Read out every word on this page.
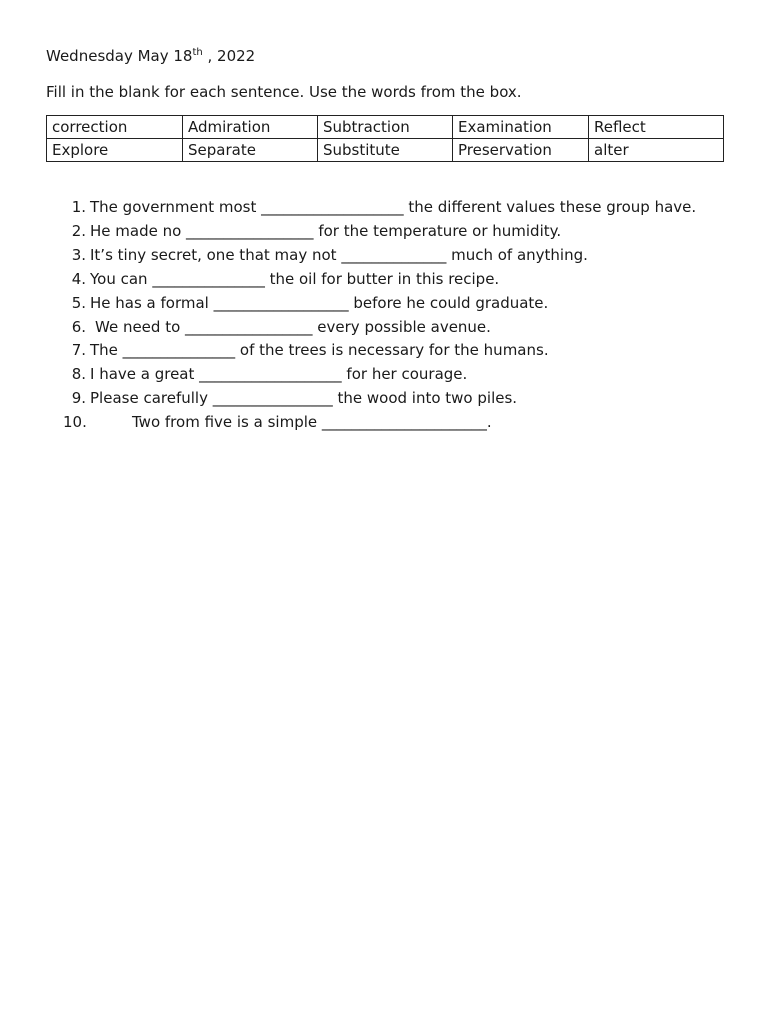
Wednesday May 18th , 2022
Fill in the blank for each sentence. Use the words from the box.
correction	Admiration	Subtraction	Examination	Reflect
Explore	Separate	Substitute	Preservation	alter
1. The government most ___________________ the different values these group have.
2. He made no _________________ for the temperature or humidity.
3. It’s tiny secret, one that may not ______________ much of anything.
4. You can _______________ the oil for butter in this recipe.
5. He has a formal __________________ before he could graduate.
6. We need to _________________ every possible avenue.
7. The _______________ of the trees is necessary for the humans.
8. I have a great ___________________ for her courage.
9. Please carefully ________________ the wood into two piles.
10.	Two from five is a simple ______________________.
